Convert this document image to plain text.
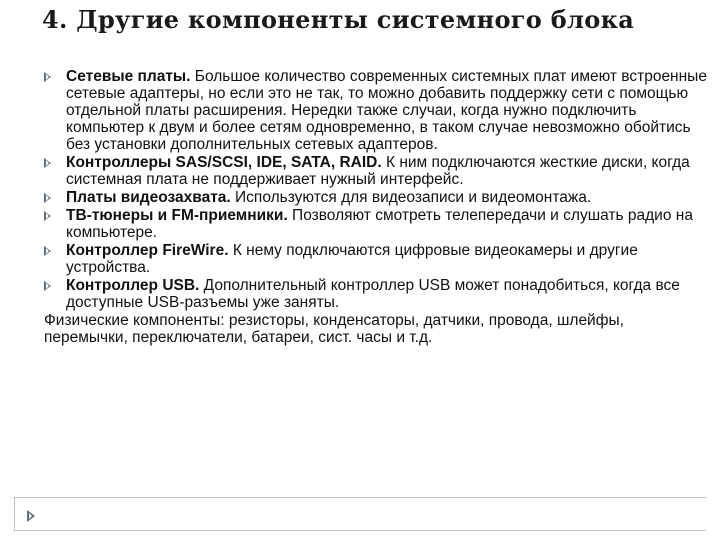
4. Другие компоненты системного блока
Сетевые платы. Большое количество современных системных плат имеют встроенные сетевые адаптеры, но если это не так, то можно добавить поддержку сети с помощью отдельной платы расширения. Нередки также случаи, когда нужно подключить компьютер к двум и более сетям одновременно, в таком случае невозможно обойтись без установки дополнительных сетевых адаптеров.
Контроллеры SAS/SCSI, IDE, SATA, RAID. К ним подключаются жесткие диски, когда системная плата не поддерживает нужный интерфейс.
Платы видеозахвата. Используются для видеозаписи и видеомонтажа.
ТВ-тюнеры и FM-приемники. Позволяют смотреть телепередачи и слушать радио на компьютере.
Контроллер FireWire. К нему подключаются цифровые видеокамеры и другие устройства.
Контроллер USB. Дополнительный контроллер USB может понадобиться, когда все доступные USB-разъемы уже заняты.
Физические компоненты: резисторы, конденсаторы, датчики, провода, шлейфы, перемычки, переключатели, батареи, сист. часы и т.д.
